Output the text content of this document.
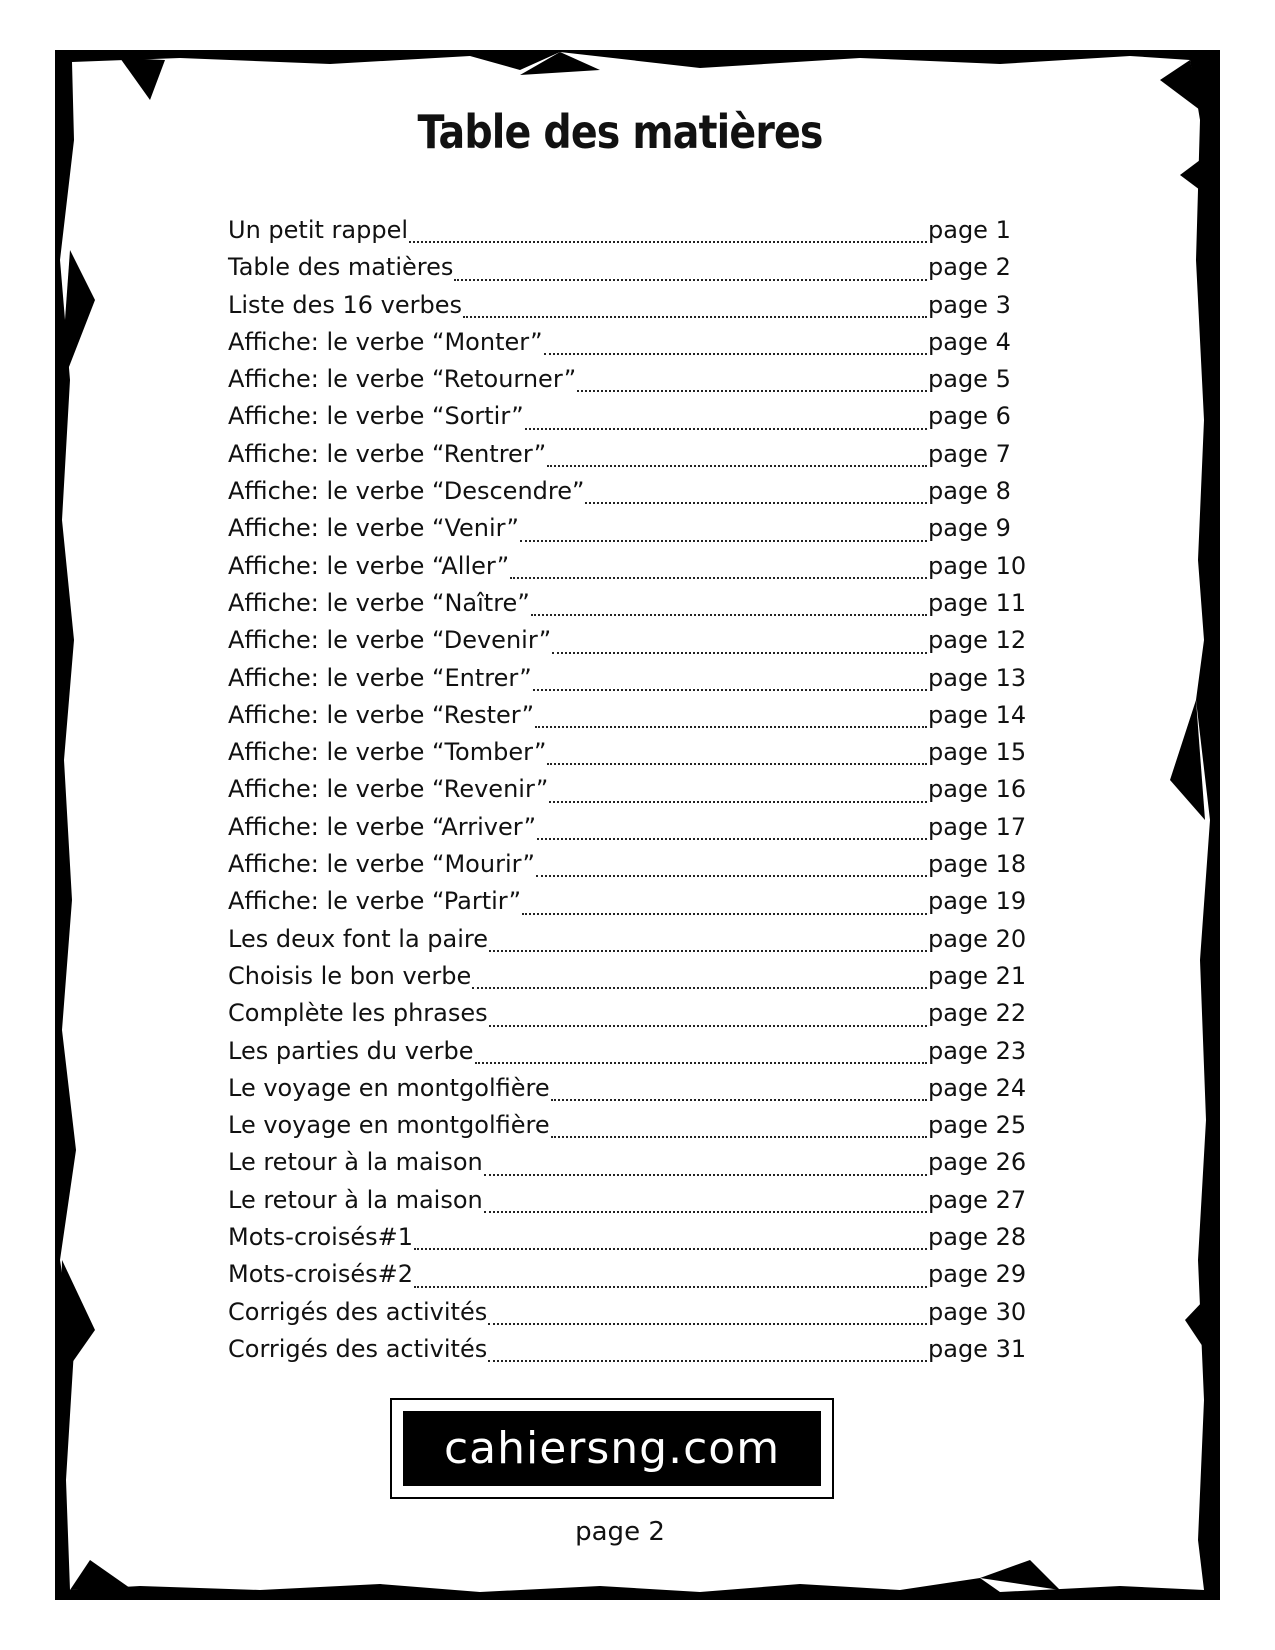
Table des matières
Un petit rappel	page 1
Table des matières	page 2
Liste des 16 verbes	page 3
Affiche: le verbe “Monter”	page 4
Affiche: le verbe “Retourner”	page 5
Affiche: le verbe “Sortir”	page 6
Affiche: le verbe “Rentrer”	page 7
Affiche: le verbe “Descendre”	page 8
Affiche: le verbe “Venir”	page 9
Affiche: le verbe “Aller”	page 10
Affiche: le verbe “Naître”	page 11
Affiche: le verbe “Devenir”	page 12
Affiche: le verbe “Entrer”	page 13
Affiche: le verbe “Rester”	page 14
Affiche: le verbe “Tomber”	page 15
Affiche: le verbe “Revenir”	page 16
Affiche: le verbe “Arriver”	page 17
Affiche: le verbe “Mourir”	page 18
Affiche: le verbe “Partir”	page 19
Les deux font la paire	page 20
Choisis le bon verbe	page 21
Complète les phrases	page 22
Les parties du verbe	page 23
Le voyage en montgolfière	page 24
Le voyage en montgolfière	page 25
Le retour à la maison	page 26
Le retour à la maison	page 27
Mots-croisés#1	page 28
Mots-croisés#2	page 29
Corrigés des activités	page 30
Corrigés des activités	page 31
cahiersng.com
page 2
